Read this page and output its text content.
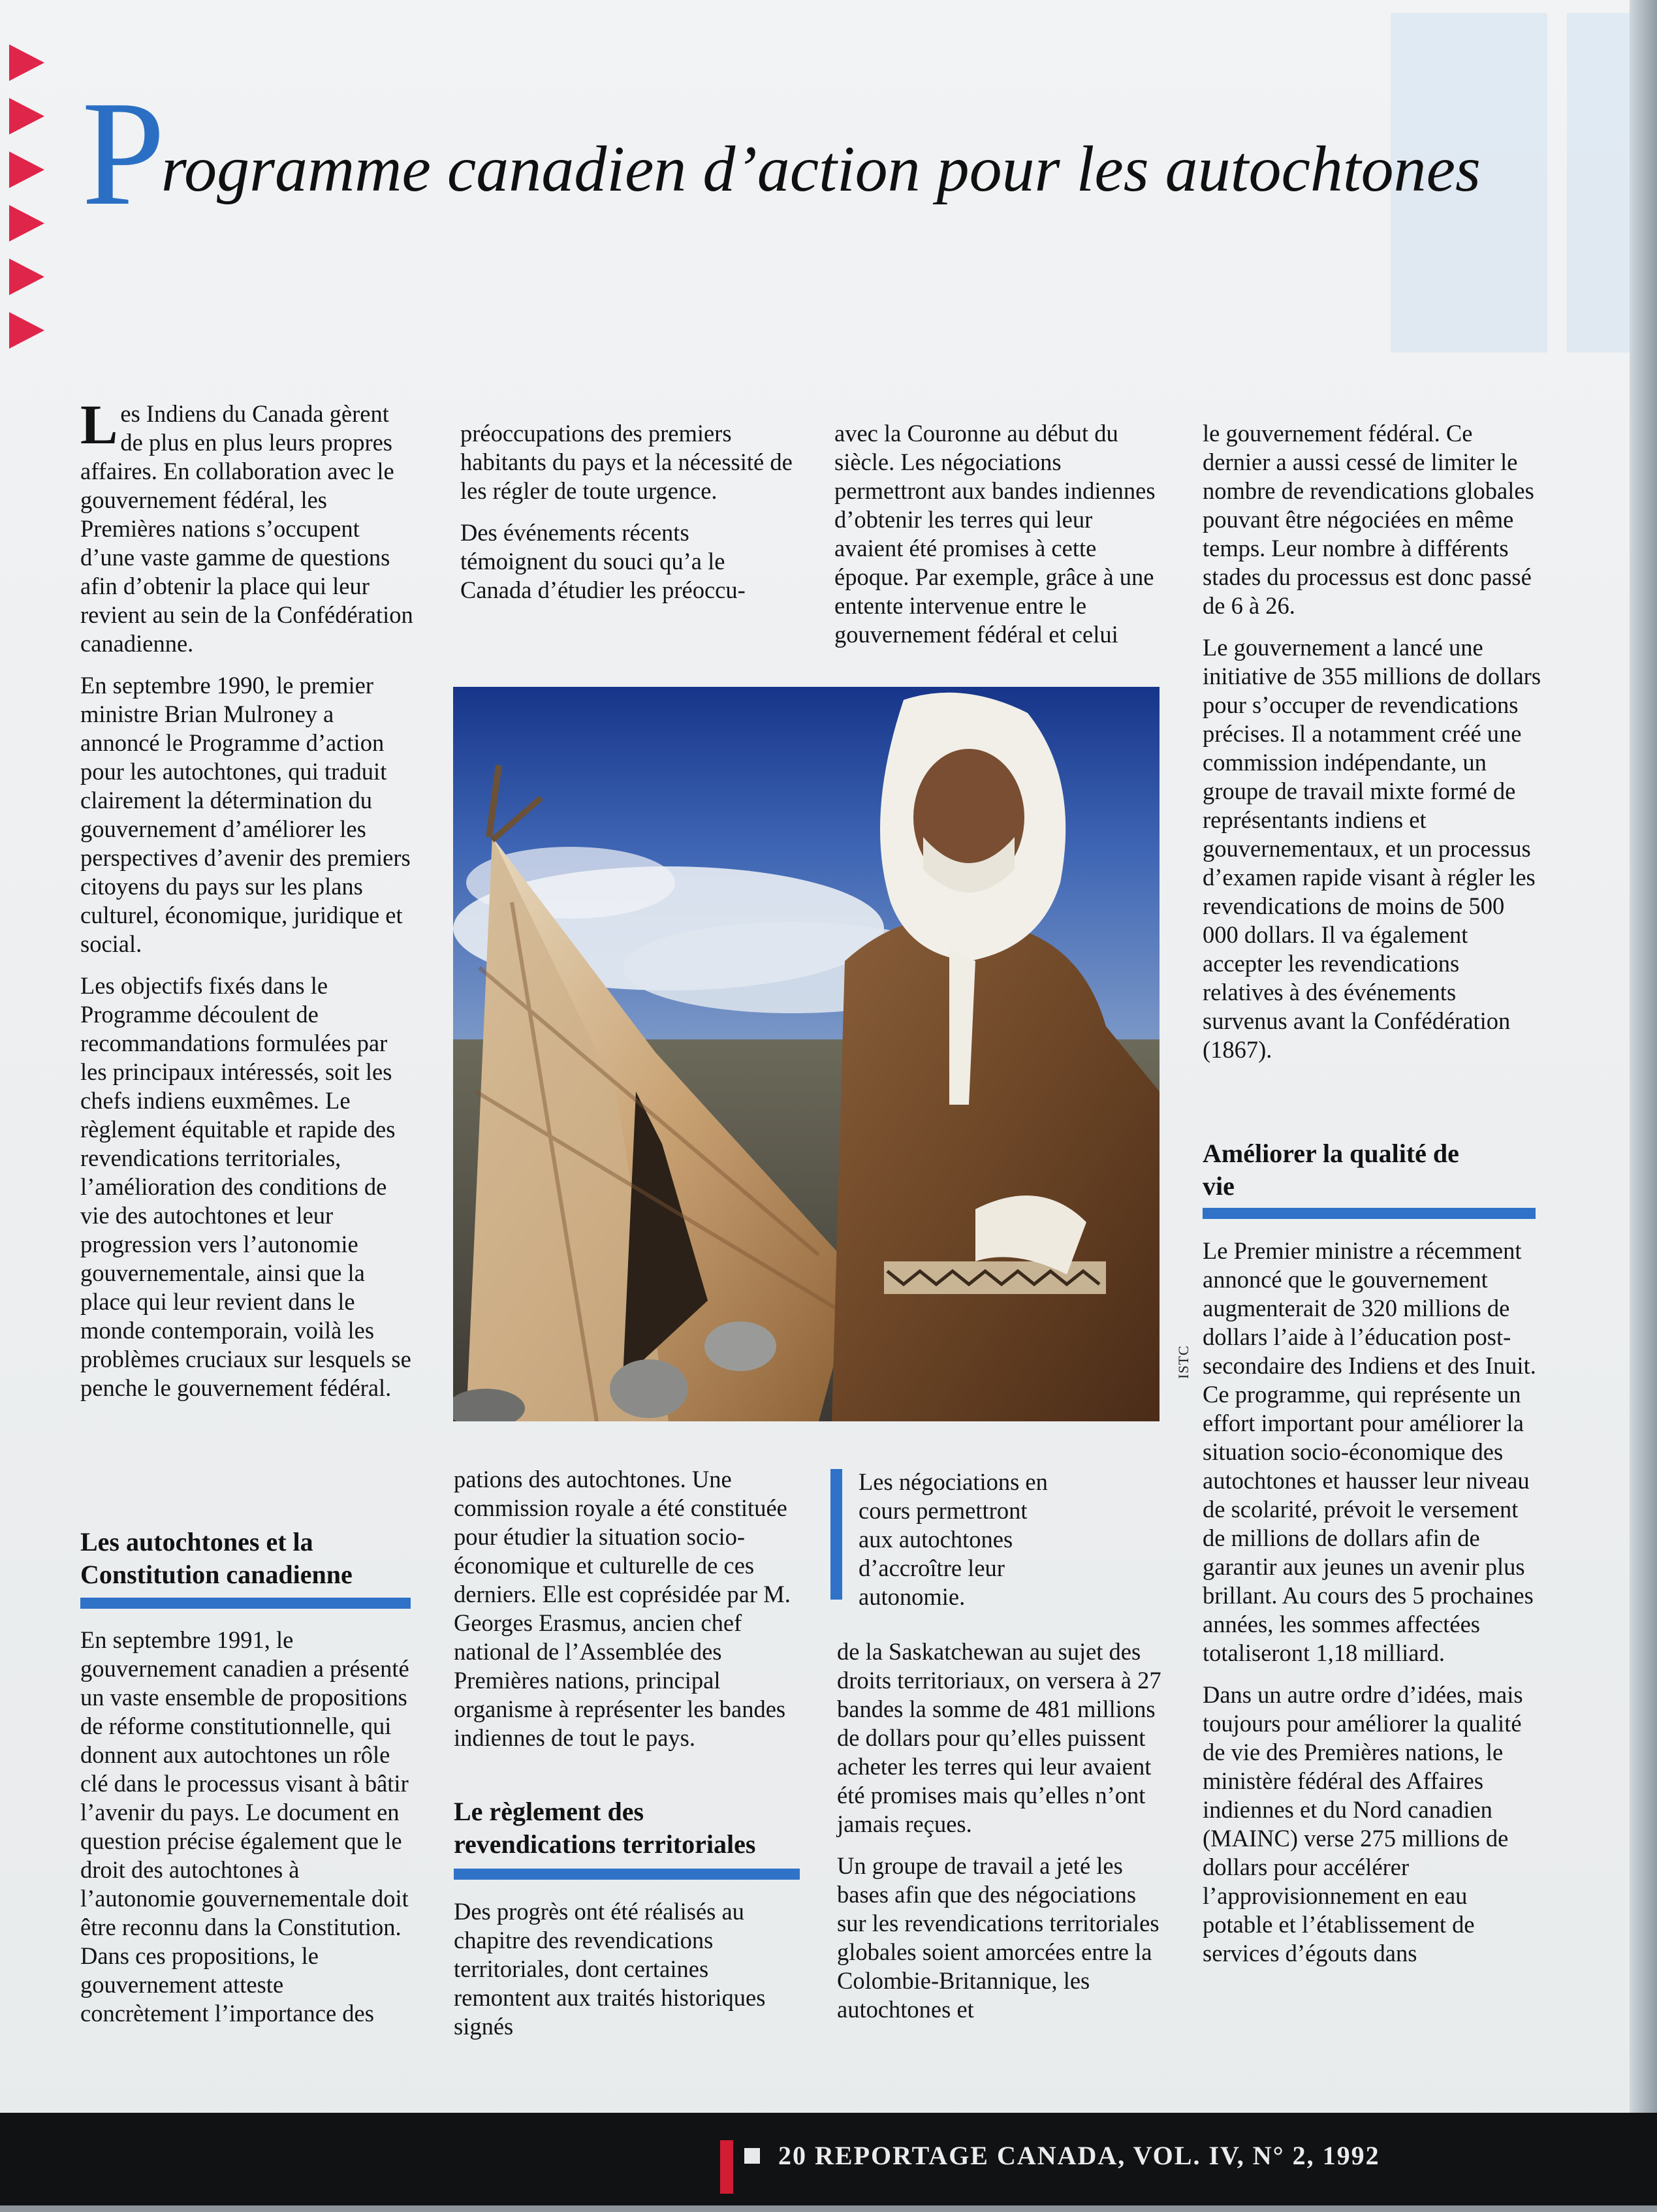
Programme canadien d’action pour les autochtones

Les Indiens du Canada gèrent de plus en plus leurs propres affaires. En collaboration avec le gouvernement fédéral, les Premières nations s’occupent d’une vaste gamme de questions afin d’obtenir la place qui leur revient au sein de la Confédération canadienne.

En septembre 1990, le premier ministre Brian Mulroney a annoncé le Programme d’action pour les autochtones, qui traduit clairement la détermination du gouvernement d’améliorer les perspectives d’avenir des premiers citoyens du pays sur les plans culturel, économique, juridique et social.

Les objectifs fixés dans le Programme découlent de recommandations formulées par les principaux intéressés, soit les chefs indiens euxmêmes. Le règlement équitable et rapide des revendications territoriales, l’amélioration des conditions de vie des autochtones et leur progression vers l’autonomie gouvernementale, ainsi que la place qui leur revient dans le monde contemporain, voilà les problèmes cruciaux sur lesquels se penche le gouvernement fédéral.

Les autochtones et la Constitution canadienne

En septembre 1991, le gouvernement canadien a présenté un vaste ensemble de propositions de réforme constitutionnelle, qui donnent aux autochtones un rôle clé dans le processus visant à bâtir l’avenir du pays. Le document en question précise également que le droit des autochtones à l’autonomie gouvernementale doit être reconnu dans la Constitution. Dans ces propositions, le gouvernement atteste concrètement l’importance des

préoccupations des premiers habitants du pays et la nécessité de les régler de toute urgence.

Des événements récents témoignent du souci qu’a le Canada d’étudier les préoccu-

ISTC

pations des autochtones. Une commission royale a été constituée pour étudier la situation socio-économique et culturelle de ces derniers. Elle est coprésidée par M. Georges Erasmus, ancien chef national de l’Assemblée des Premières nations, principal organisme à représenter les bandes indiennes de tout le pays.

Le règlement des revendications territoriales

Des progrès ont été réalisés au chapitre des revendications territoriales, dont certaines remontent aux traités historiques signés

avec la Couronne au début du siècle. Les négociations permettront aux bandes indiennes d’obtenir les terres qui leur avaient été promises à cette époque. Par exemple, grâce à une entente intervenue entre le gouvernement fédéral et celui

Les négociations en cours permettront aux autochtones d’accroître leur autonomie.

de la Saskatchewan au sujet des droits territoriaux, on versera à 27 bandes la somme de 481 millions de dollars pour qu’elles puissent acheter les terres qui leur avaient été promises mais qu’elles n’ont jamais reçues.

Un groupe de travail a jeté les bases afin que des négociations sur les revendications territoriales globales soient amorcées entre la Colombie-Britannique, les autochtones et

le gouvernement fédéral. Ce dernier a aussi cessé de limiter le nombre de revendications globales pouvant être négociées en même temps. Leur nombre à différents stades du processus est donc passé de 6 à 26.

Le gouvernement a lancé une initiative de 355 millions de dollars pour s’occuper de revendications précises. Il a notamment créé une commission indépendante, un groupe de travail mixte formé de représentants indiens et gouvernementaux, et un processus d’examen rapide visant à régler les revendications de moins de 500 000 dollars. Il va également accepter les revendications relatives à des événements survenus avant la Confédération (1867).

Améliorer la qualité de vie

Le Premier ministre a récemment annoncé que le gouvernement augmenterait de 320 millions de dollars l’aide à l’éducation post-secondaire des Indiens et des Inuit. Ce programme, qui représente un effort important pour améliorer la situation socio-économique des autochtones et hausser leur niveau de scolarité, prévoit le versement de millions de dollars afin de garantir aux jeunes un avenir plus brillant. Au cours des 5 prochaines années, les sommes affectées totaliseront 1,18 milliard.

Dans un autre ordre d’idées, mais toujours pour améliorer la qualité de vie des Premières nations, le ministère fédéral des Affaires indiennes et du Nord canadien (MAINC) verse 275 millions de dollars pour accélérer l’approvisionnement en eau potable et l’établissement de services d’égouts dans

20 REPORTAGE CANADA, VOL. IV, N° 2, 1992
